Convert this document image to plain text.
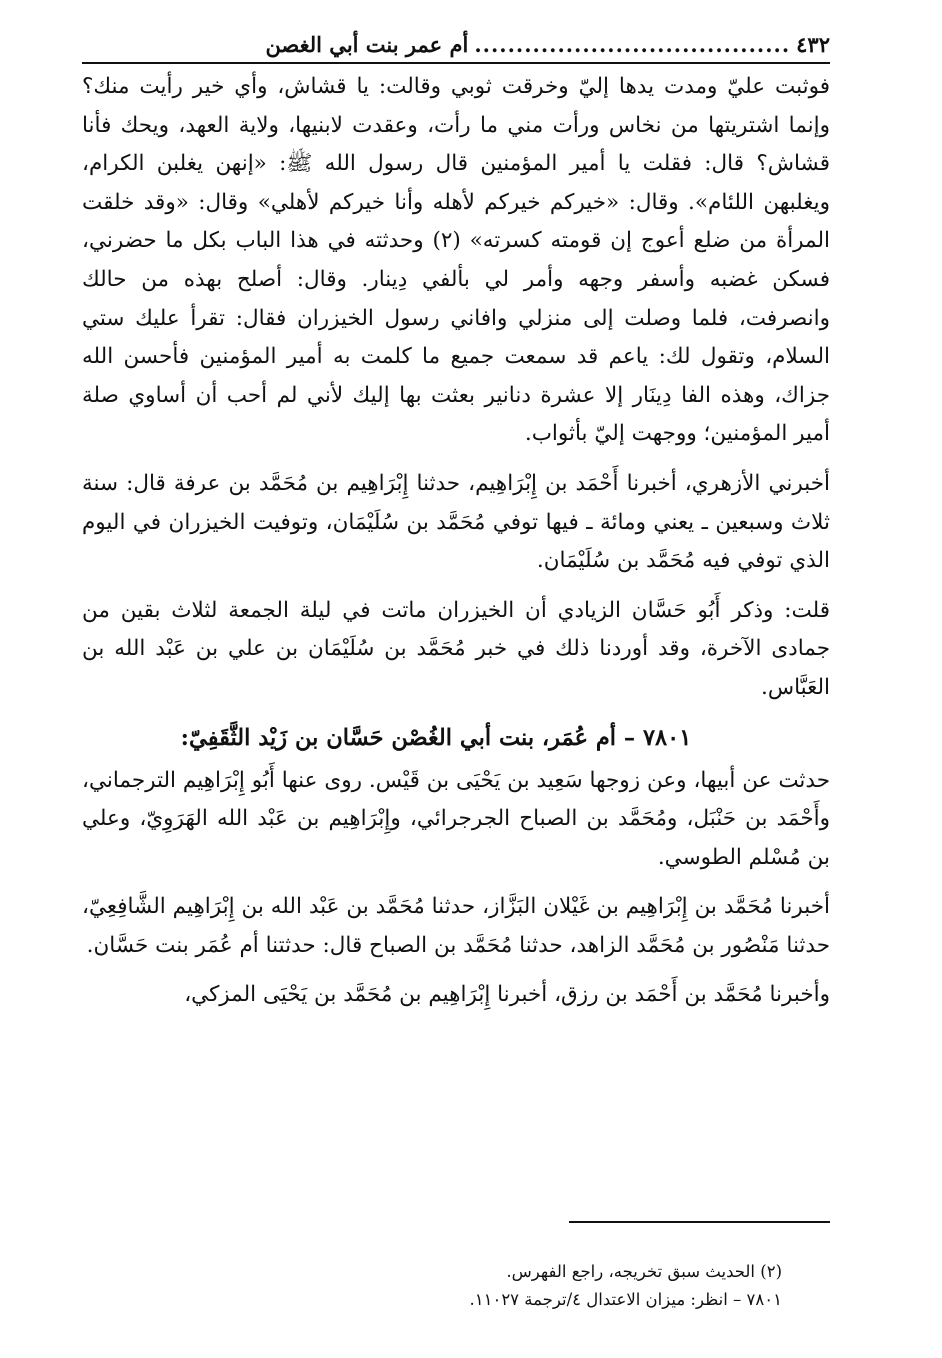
٤٣٢
......................................
أم عمر بنت أبي الغصن

فوثبت عليّ ومدت يدها إليّ وخرقت ثوبي وقالت: يا قشاش، وأي خير رأيت منك؟ وإنما اشتريتها من نخاس ورأت مني ما رأت، وعقدت لابنيها، ولاية العهد، ويحك فأنا قشاش؟ قال: فقلت يا أمير المؤمنين قال رسول الله ﷺ: «إنهن يغلبن الكرام، ويغلبهن اللئام». وقال: «خيركم خيركم لأهله وأنا خيركم لأهلي» وقال: «وقد خلقت المرأة من ضلع أعوج إن قومته كسرته» (٢) وحدثته في هذا الباب بكل ما حضرني، فسكن غضبه وأسفر وجهه وأمر لي بألفي دِينار. وقال: أصلح بهذه من حالك وانصرفت، فلما وصلت إلى منزلي وافاني رسول الخيزران فقال: تقرأ عليك ستي السلام، وتقول لك: ياعم قد سمعت جميع ما كلمت به أمير المؤمنين فأحسن الله جزاك، وهذه الفا دِينَار إلا عشرة دنانير بعثت بها إليك لأني لم أحب أن أساوي صلة أمير المؤمنين؛ ووجهت إليّ بأثواب.

أخبرني الأزهري، أخبرنا أَحْمَد بن إِبْرَاهِيم، حدثنا إِبْرَاهِيم بن مُحَمَّد بن عرفة قال: سنة ثلاث وسبعين ـ يعني ومائة ـ فيها توفي مُحَمَّد بن سُلَيْمَان، وتوفيت الخيزران في اليوم الذي توفي فيه مُحَمَّد بن سُلَيْمَان.

قلت: وذكر أَبُو حَسَّان الزيادي أن الخيزران ماتت في ليلة الجمعة لثلاث بقين من جمادى الآخرة، وقد أوردنا ذلك في خبر مُحَمَّد بن سُلَيْمَان بن علي بن عَبْد الله بن العَبَّاس.

٧٨٠١ – أم عُمَر، بنت أبي الغُصْن حَسَّان بن زَيْد الثَّقَفِيّ:

حدثت عن أبيها، وعن زوجها سَعِيد بن يَحْيَى بن قَيْس. روى عنها أَبُو إِبْرَاهِيم الترجماني، وأَحْمَد بن حَنْبَل، ومُحَمَّد بن الصباح الجرجرائي، وإِبْرَاهِيم بن عَبْد الله الهَرَوِيّ، وعلي بن مُسْلم الطوسي.

أخبرنا مُحَمَّد بن إِبْرَاهِيم بن غَيْلان البَزَّاز، حدثنا مُحَمَّد بن عَبْد الله بن إِبْرَاهِيم الشَّافِعِيّ، حدثنا مَنْصُور بن مُحَمَّد الزاهد، حدثنا مُحَمَّد بن الصباح قال: حدثتنا أم عُمَر بنت حَسَّان.

وأخبرنا مُحَمَّد بن أَحْمَد بن رزق، أخبرنا إِبْرَاهِيم بن مُحَمَّد بن يَحْيَى المزكي،

(٢) الحديث سبق تخريجه، راجع الفهرس.
٧٨٠١ – انظر: ميزان الاعتدال ٤/ترجمة ١١٠٢٧.
